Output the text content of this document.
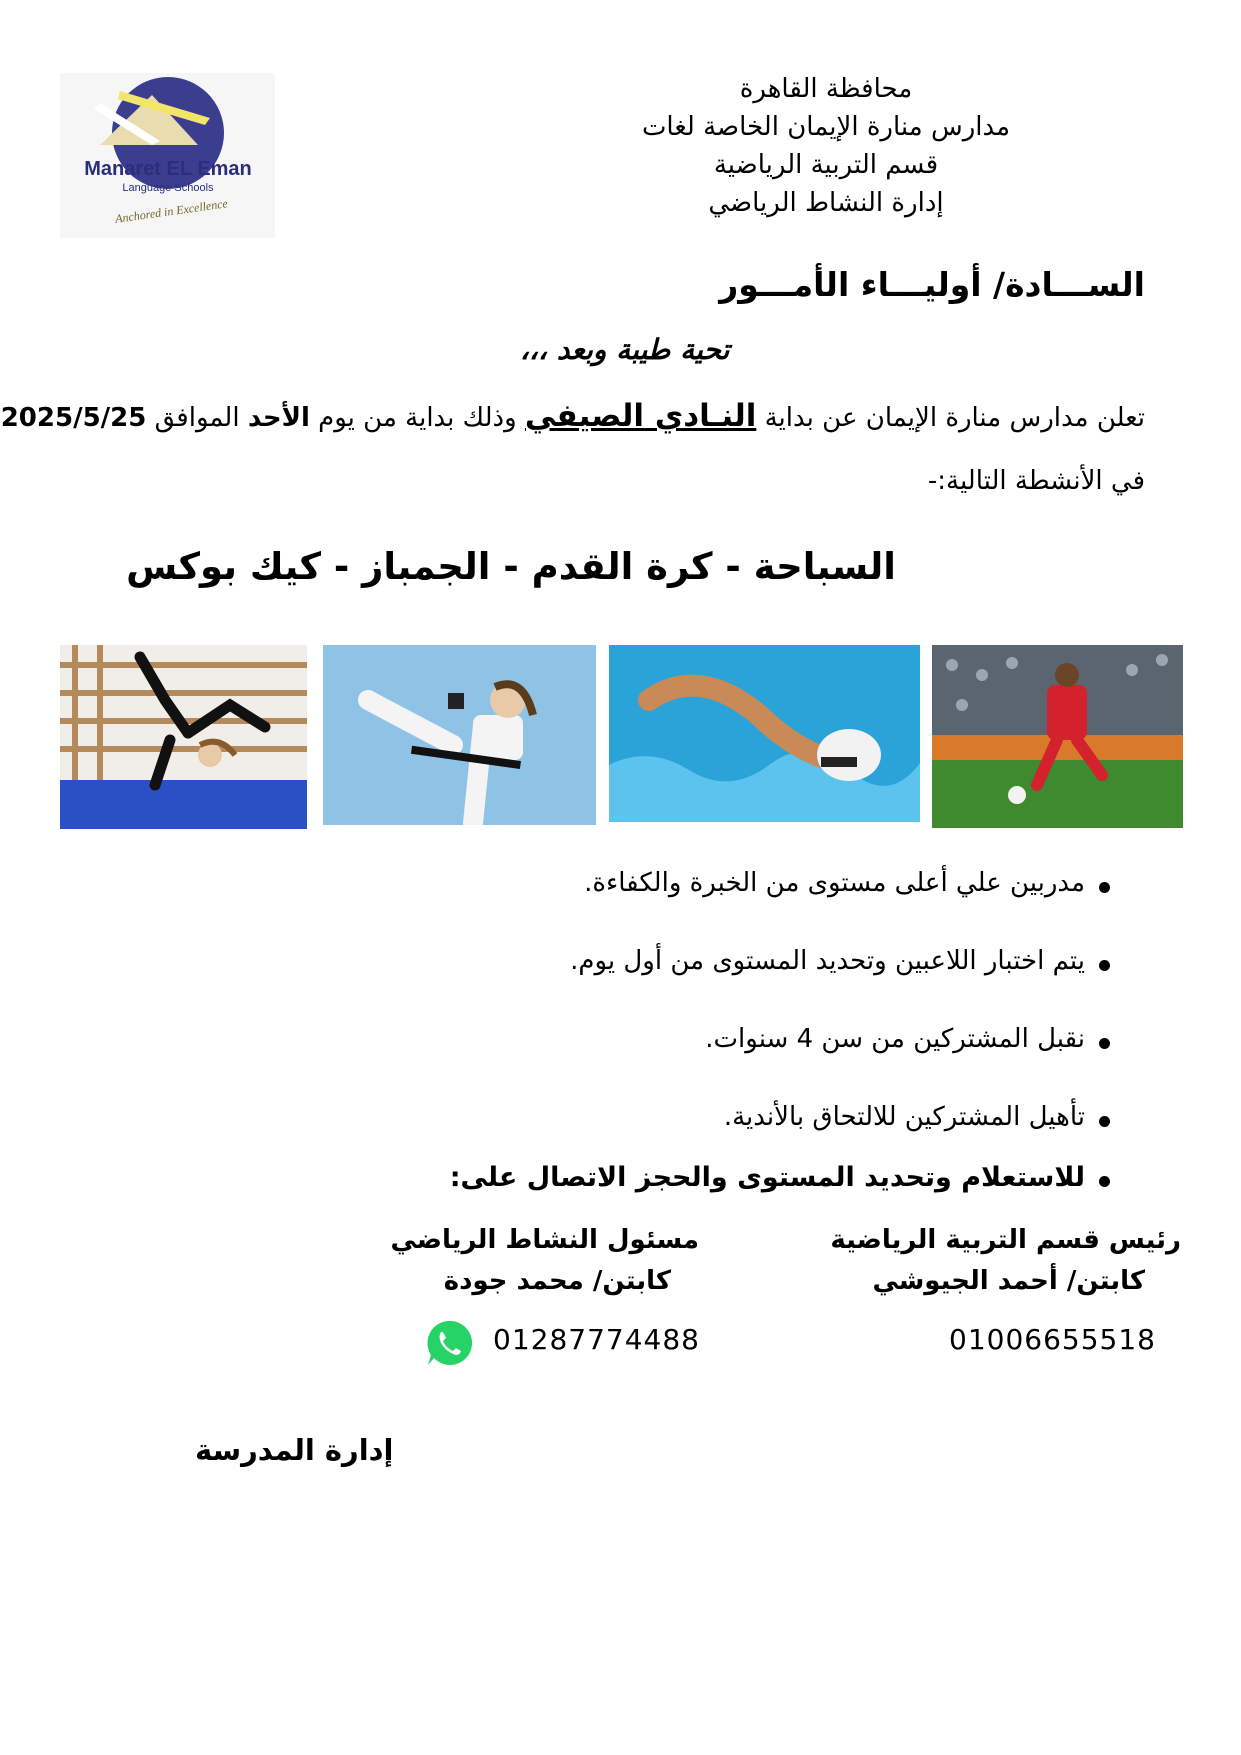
محافظة القاهرة
مدارس منارة الإيمان الخاصة لغات
قسم التربية الرياضية
إدارة النشاط الرياضي
Manaret EL Eman
Language Schools
Anchored in Excellence
الســـادة/ أوليـــاء الأمـــور
تحية طيبة وبعد ،،،
تعلن مدارس منارة الإيمان عن بداية النـادي الصيفي وذلك بداية من يوم الأحد الموافق 2025/5/25
في الأنشطة التالية:-
السباحة - كرة القدم - الجمباز - كيك بوكس
مدربين علي أعلى مستوى من الخبرة والكفاءة.
يتم اختبار اللاعبين وتحديد المستوى من أول يوم.
نقبل المشتركين من سن 4 سنوات.
تأهيل المشتركين للالتحاق بالأندية.
للاستعلام وتحديد المستوى والحجز الاتصال على:
رئيس قسم التربية الرياضية
كابتن/ أحمد الجيوشي
01006655518
مسئول النشاط الرياضي
كابتن/ محمد جودة
01287774488
إدارة المدرسة
